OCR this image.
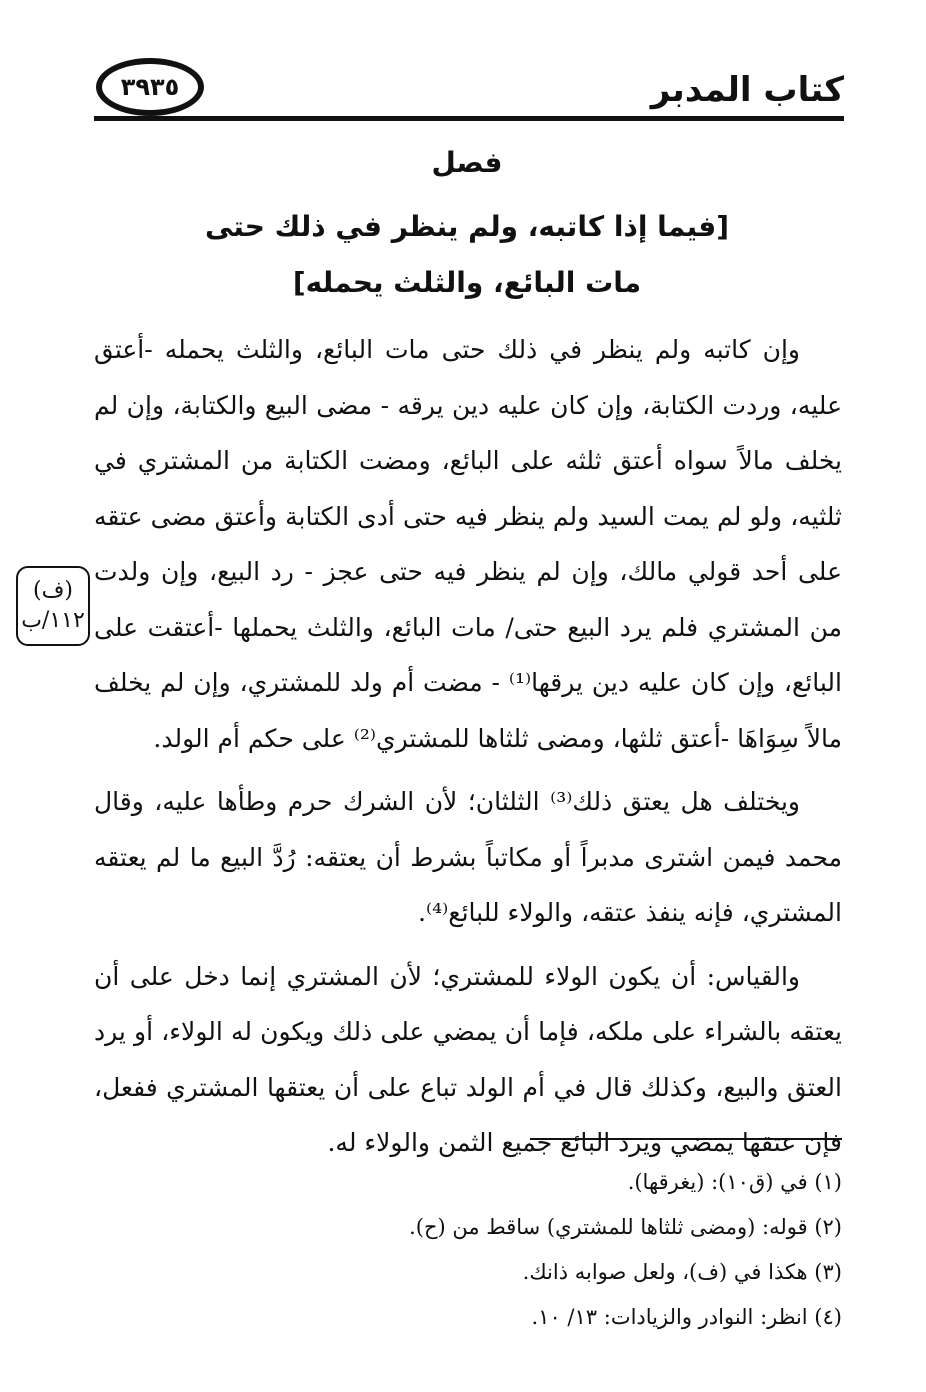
كتاب المدبر
٣٩٣٥
فصل
[فيما إذا كاتبه، ولم ينظر في ذلك حتى
مات البائع، والثلث يحمله]

وإن كاتبه ولم ينظر في ذلك حتى مات البائع، والثلث يحمله -أعتق عليه، وردت الكتابة، وإن كان عليه دين يرقه - مضى البيع والكتابة، وإن لم يخلف مالاً سواه أعتق ثلثه على البائع، ومضت الكتابة من المشتري في ثلثيه، ولو لم يمت السيد ولم ينظر فيه حتى أدى الكتابة وأعتق مضى عتقه على أحد قولي مالك، وإن لم ينظر فيه حتى عجز - رد البيع، وإن ولدت من المشتري فلم يرد البيع حتى/ مات البائع، والثلث يحملها -أعتقت على البائع، وإن كان عليه دين يرقها⁽¹⁾ - مضت أم ولد للمشتري، وإن لم يخلف مالاً سِوَاهَا -أعتق ثلثها، ومضى ثلثاها للمشتري⁽²⁾ على حكم أم الولد.

ويختلف هل يعتق ذلك⁽³⁾ الثلثان؛ لأن الشرك حرم وطأها عليه، وقال محمد فيمن اشترى مدبراً أو مكاتباً بشرط أن يعتقه: رُدَّ البيع ما لم يعتقه المشتري، فإنه ينفذ عتقه، والولاء للبائع⁽⁴⁾.

والقياس: أن يكون الولاء للمشتري؛ لأن المشتري إنما دخل على أن يعتقه بالشراء على ملكه، فإما أن يمضي على ذلك ويكون له الولاء، أو يرد العتق والبيع، وكذلك قال في أم الولد تباع على أن يعتقها المشتري ففعل، فإن عتقها يمضي ويرد البائع جميع الثمن والولاء له.

(ف)
١١٢/ب
(١) في (ق١٠): (يغرقها).
(٢) قوله: (ومضى ثلثاها للمشتري) ساقط من (ح).
(٣) هكذا في (ف)، ولعل صوابه ذانك.
(٤) انظر: النوادر والزيادات: ١٣/ ١٠.
